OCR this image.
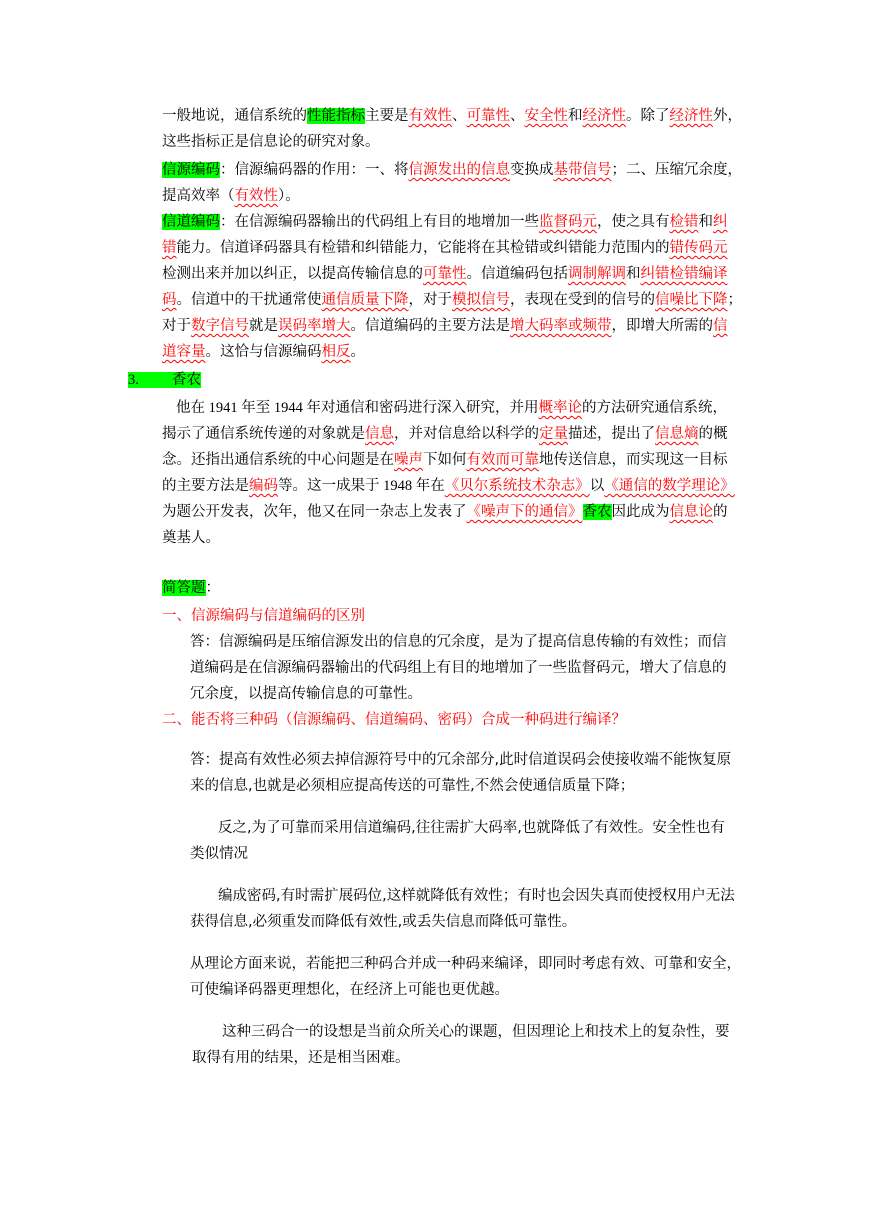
一般地说，通信系统的性能指标主要是有效性、可靠性、安全性和经济性。除了经济性外，
这些指标正是信息论的研究对象。
信源编码：信源编码器的作用：一、将信源发出的信息变换成基带信号；二、压缩冗余度，
提高效率（有效性）。
信道编码：在信源编码器输出的代码组上有目的地增加一些监督码元，使之具有检错和纠
错能力。信道译码器具有检错和纠错能力，它能将在其检错或纠错能力范围内的错传码元
检测出来并加以纠正，以提高传输信息的可靠性。信道编码包括调制解调和纠错检错编译
码。信道中的干扰通常使通信质量下降，对于模拟信号，表现在受到的信号的信噪比下降；
对于数字信号就是误码率增大。信道编码的主要方法是增大码率或频带，即增大所需的信
道容量。这恰与信源编码相反。
3. 香农
他在 1941 年至 1944 年对通信和密码进行深入研究，并用概率论的方法研究通信系统，
揭示了通信系统传递的对象就是信息，并对信息给以科学的定量描述，提出了信息熵的概
念。还指出通信系统的中心问题是在噪声下如何有效而可靠地传送信息，而实现这一目标
的主要方法是编码等。这一成果于 1948 年在《贝尔系统技术杂志》以《通信的数学理论》
为题公开发表，次年，他又在同一杂志上发表了《噪声下的通信》香农因此成为信息论的
奠基人。
简答题：
一、信源编码与信道编码的区别
答：信源编码是压缩信源发出的信息的冗余度，是为了提高信息传输的有效性；而信
道编码是在信源编码器输出的代码组上有目的地增加了一些监督码元，增大了信息的
冗余度，以提高传输信息的可靠性。
二、能否将三种码（信源编码、信道编码、密码）合成一种码进行编译？
答：提高有效性必须去掉信源符号中的冗余部分,此时信道误码会使接收端不能恢复原
来的信息,也就是必须相应提高传送的可靠性,不然会使通信质量下降；
反之,为了可靠而采用信道编码,往往需扩大码率,也就降低了有效性。安全性也有
类似情况
编成密码,有时需扩展码位,这样就降低有效性；有时也会因失真而使授权用户无法
获得信息,必须重发而降低有效性,或丢失信息而降低可靠性。
从理论方面来说，若能把三种码合并成一种码来编译，即同时考虑有效、可靠和安全，
可使编译码器更理想化，在经济上可能也更优越。
这种三码合一的设想是当前众所关心的课题，但因理论上和技术上的复杂性，要
取得有用的结果，还是相当困难。
